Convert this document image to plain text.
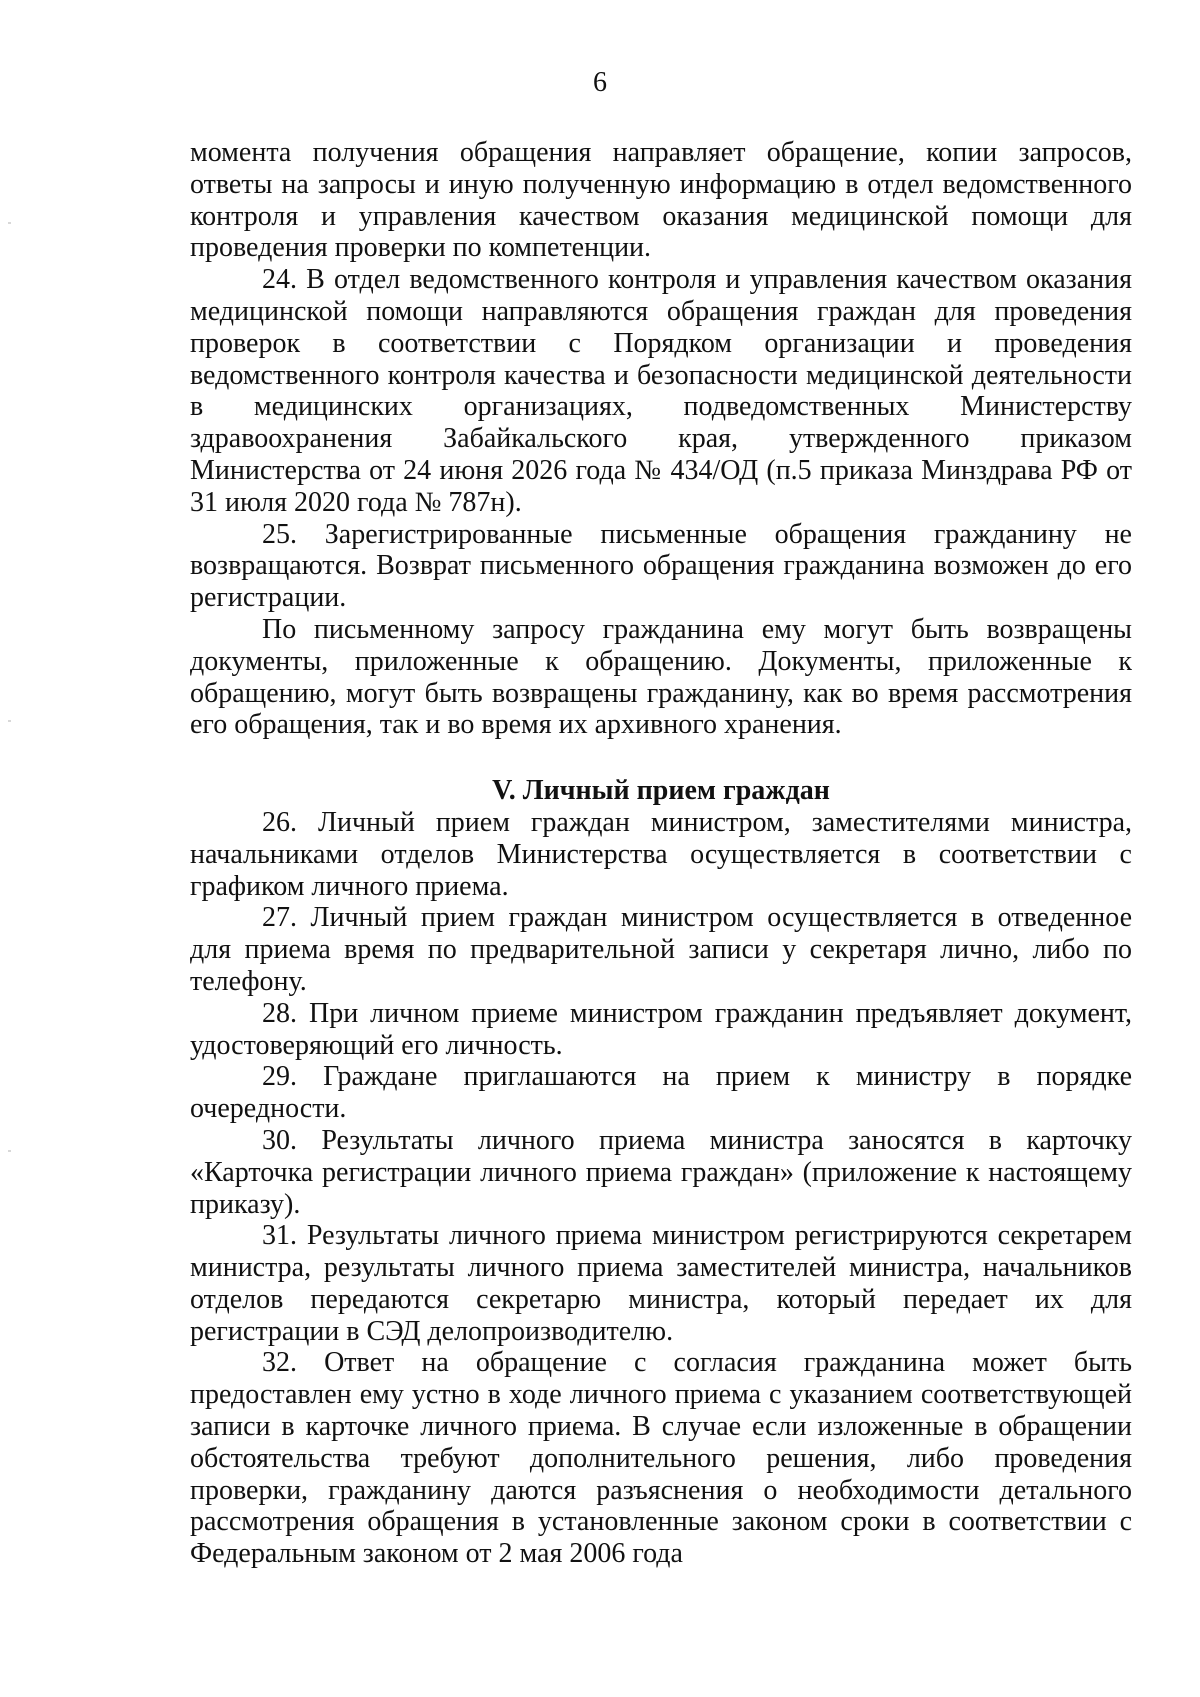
6

момента получения обращения направляет обращение, копии запросов, ответы на запросы и иную полученную информацию в отдел ведомственного контроля и управления качеством оказания медицинской помощи для проведения проверки по компетенции.

24. В отдел ведомственного контроля и управления качеством оказания медицинской помощи направляются обращения граждан для проведения проверок в соответствии с Порядком организации и проведения ведомственного контроля качества и безопасности медицинской деятельности в медицинских организациях, подведомственных Министерству здравоохранения Забайкальского края, утвержденного приказом Министерства от 24 июня 2026 года № 434/ОД (п.5 приказа Минздрава РФ от 31 июля 2020 года № 787н).

25. Зарегистрированные письменные обращения гражданину не возвращаются. Возврат письменного обращения гражданина возможен до его регистрации.

По письменному запросу гражданина ему могут быть возвращены документы, приложенные к обращению. Документы, приложенные к обращению, могут быть возвращены гражданину, как во время рассмотрения его обращения, так и во время их архивного хранения.

V. Личный прием граждан

26. Личный прием граждан министром, заместителями министра, начальниками отделов Министерства осуществляется в соответствии с графиком личного приема.

27. Личный прием граждан министром осуществляется в отведенное для приема время по предварительной записи у секретаря лично, либо по телефону.

28. При личном приеме министром гражданин предъявляет документ, удостоверяющий его личность.

29. Граждане приглашаются на прием к министру в порядке очередности.

30. Результаты личного приема министра заносятся в карточку «Карточка регистрации личного приема граждан» (приложение к настоящему приказу).

31. Результаты личного приема министром регистрируются секретарем министра, результаты личного приема заместителей министра, начальников отделов передаются секретарю министра, который передает их для регистрации в СЭД делопроизводителю.

32. Ответ на обращение с согласия гражданина может быть предоставлен ему устно в ходе личного приема с указанием соответствующей записи в карточке личного приема. В случае если изложенные в обращении обстоятельства требуют дополнительного решения, либо проведения проверки, гражданину даются разъяснения о необходимости детального рассмотрения обращения в установленные законом сроки в соответствии с Федеральным законом от 2 мая 2006 года
